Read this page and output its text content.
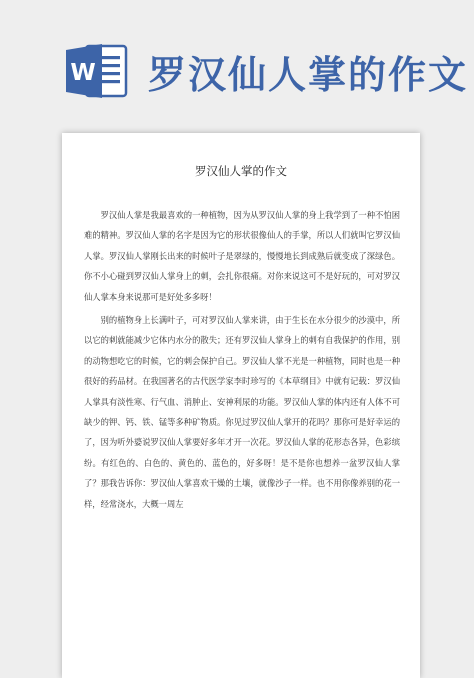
W 罗汉仙人掌的作文
罗汉仙人掌的作文

罗汉仙人掌是我最喜欢的一种植物，因为从罗汉仙人掌的身上我学到了一种不怕困难的精神。罗汉仙人掌的名字是因为它的形状很像仙人的手掌，所以人们就叫它罗汉仙人掌。罗汉仙人掌刚长出来的时候叶子是翠绿的，慢慢地长到成熟后就变成了深绿色。你不小心碰到罗汉仙人掌身上的刺，会扎你很痛。对你来说这可不是好玩的，可对罗汉仙人掌本身来说那可是好处多多呀！

别的植物身上长满叶子，可对罗汉仙人掌来讲，由于生长在水分很少的沙漠中，所以它的刺就能减少它体内水分的散失；还有罗汉仙人掌身上的刺有自我保护的作用，别的动物想吃它的时候，它的刺会保护自己。罗汉仙人掌不光是一种植物，同时也是一种很好的药品材。在我国著名的古代医学家李时珍写的《本草纲目》中就有记载：罗汉仙人掌具有淡性寒、行气血、消肿止、安神利尿的功能。罗汉仙人掌的体内还有人体不可缺少的钾、钙、铁、锰等多种矿物质。你见过罗汉仙人掌开的花吗？那你可是好幸运的了，因为听外婆说罗汉仙人掌要好多年才开一次花。罗汉仙人掌的花形态各异，色彩缤纷。有红色的、白色的、黄色的、蓝色的，好多呀！是不是你也想养一盆罗汉仙人掌了？那我告诉你：罗汉仙人掌喜欢干燥的土壤，就像沙子一样。也不用你像养别的花一样，经常浇水，大概一周左
